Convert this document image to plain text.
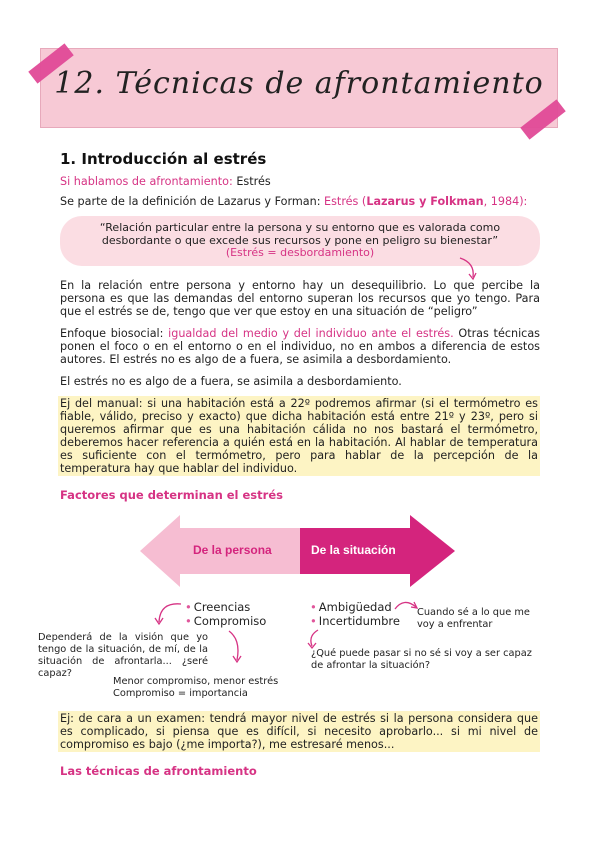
12. Técnicas de afrontamiento
1. Introducción al estrés
Si hablamos de afrontamiento: Estrés
Se parte de la definición de Lazarus y Forman: Estrés (Lazarus y Folkman, 1984):
“Relación particular entre la persona y su entorno que es valorada como
desbordante o que excede sus recursos y pone en peligro su bienestar”
(Estrés = desbordamiento)
En la relación entre persona y entorno hay un desequilibrio. Lo que percibe la persona es que las demandas del entorno superan los recursos que yo tengo. Para que el estrés se de, tengo que ver que estoy en una situación de “peligro”
Enfoque biosocial: igualdad del medio y del individuo ante el estrés. Otras técnicas ponen el foco o en el entorno o en el individuo, no en ambos a diferencia de estos autores. El estrés no es algo de a fuera, se asimila a desbordamiento.
El estrés no es algo de a fuera, se asimila a desbordamiento.
Ej del manual: si una habitación está a 22º podremos afirmar (si el termómetro es fiable, válido, preciso y exacto) que dicha habitación está entre 21º y 23º, pero si queremos afirmar que es una habitación cálida no nos bastará el termómetro, deberemos hacer referencia a quién está en la habitación. Al hablar de temperatura es suficiente con el termómetro, pero para hablar de la percepción de la temperatura hay que hablar del individuo.
Factores que determinan el estrés
De la persona	De la situación
• Creencias
• Compromiso
• Ambigüedad
• Incertidumbre
Dependerá de la visión que yo tengo de la situación, de mí, de la situación de afrontarla... ¿seré capaz?
Menor compromiso, menor estrés
Compromiso = importancia
Cuando sé a lo que me voy a enfrentar
¿Qué puede pasar si no sé si voy a ser capaz de afrontar la situación?
Ej: de cara a un examen: tendrá mayor nivel de estrés si la persona considera que es complicado, si piensa que es difícil, si necesito aprobarlo... si mi nivel de compromiso es bajo (¿me importa?), me estresaré menos...
Las técnicas de afrontamiento
